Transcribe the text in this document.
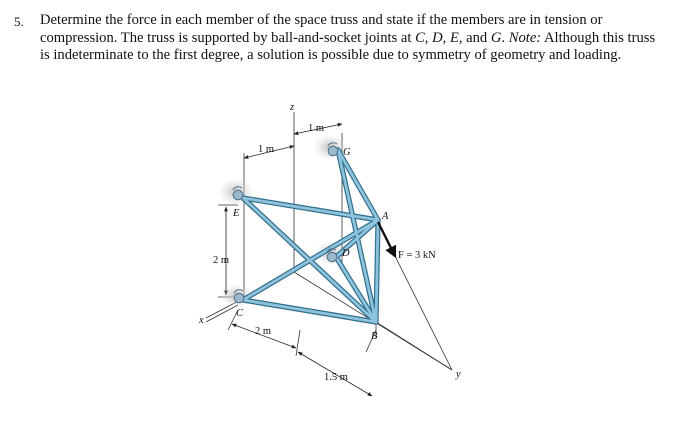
5. Determine the force in each member of the space truss and state if the members are in tension or
compression. The truss is supported by ball-and-socket joints at C, D, E, and G. Note: Although this truss
is indeterminate to the first degree, a solution is possible due to symmetry of geometry and loading.
z
x
y
1 m
1 m
2 m
2 m
1.5 m
A
B
C
D
E
G
F = 3 kN
